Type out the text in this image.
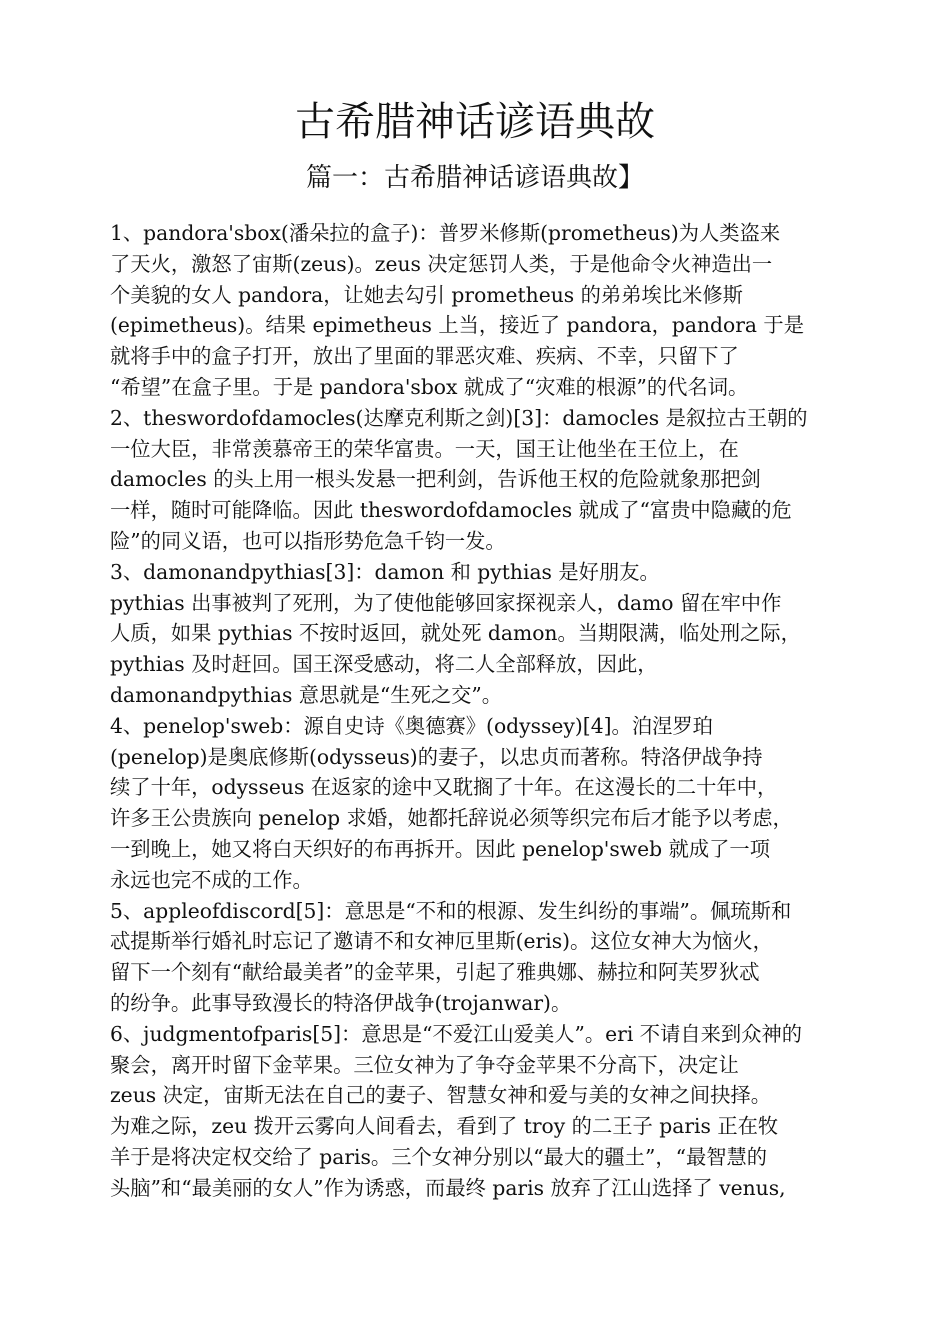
古希腊神话谚语典故
篇一：古希腊神话谚语典故】
1、pandora'sbox(潘朵拉的盒子)：普罗米修斯(prometheus)为人类盗来
了天火，激怒了宙斯(zeus)。zeus 决定惩罚人类，于是他命令火神造出一
个美貌的女人 pandora，让她去勾引 prometheus 的弟弟埃比米修斯
(epimetheus)。结果 epimetheus 上当，接近了 pandora，pandora 于是
就将手中的盒子打开，放出了里面的罪恶灾难、疾病、不幸，只留下了
“希望”在盒子里。于是 pandora'sbox 就成了“灾难的根源”的代名词。
2、theswordofdamocles(达摩克利斯之剑)[3]：damocles 是叙拉古王朝的
一位大臣，非常羡慕帝王的荣华富贵。一天，国王让他坐在王位上，在
damocles 的头上用一根头发悬一把利剑，告诉他王权的危险就象那把剑
一样，随时可能降临。因此 theswordofdamocles 就成了“富贵中隐藏的危
险”的同义语，也可以指形势危急千钧一发。
3、damonandpythias[3]：damon 和 pythias 是好朋友。
pythias 出事被判了死刑，为了使他能够回家探视亲人，damo 留在牢中作
人质，如果 pythias 不按时返回，就处死 damon。当期限满，临处刑之际，
pythias 及时赶回。国王深受感动，将二人全部释放，因此，
damonandpythias 意思就是“生死之交”。
4、penelop'sweb：源自史诗《奥德赛》(odyssey)[4]。泊涅罗珀
(penelop)是奥底修斯(odysseus)的妻子，以忠贞而著称。特洛伊战争持
续了十年，odysseus 在返家的途中又耽搁了十年。在这漫长的二十年中，
许多王公贵族向 penelop 求婚，她都托辞说必须等织完布后才能予以考虑，
一到晚上，她又将白天织好的布再拆开。因此 penelop'sweb 就成了一项
永远也完不成的工作。
5、appleofdiscord[5]：意思是“不和的根源、发生纠纷的事端”。佩琉斯和
忒提斯举行婚礼时忘记了邀请不和女神厄里斯(eris)。这位女神大为恼火，
留下一个刻有“献给最美者”的金苹果，引起了雅典娜、赫拉和阿芙罗狄忒
的纷争。此事导致漫长的特洛伊战争(trojanwar)。
6、judgmentofparis[5]：意思是“不爱江山爱美人”。eri 不请自来到众神的
聚会，离开时留下金苹果。三位女神为了争夺金苹果不分高下，决定让
zeus 决定，宙斯无法在自己的妻子、智慧女神和爱与美的女神之间抉择。
为难之际，zeu 拨开云雾向人间看去，看到了 troy 的二王子 paris 正在牧
羊于是将决定权交给了 paris。三个女神分别以“最大的疆土”，“最智慧的
头脑”和“最美丽的女人”作为诱惑，而最终 paris 放弃了江山选择了 venus,
